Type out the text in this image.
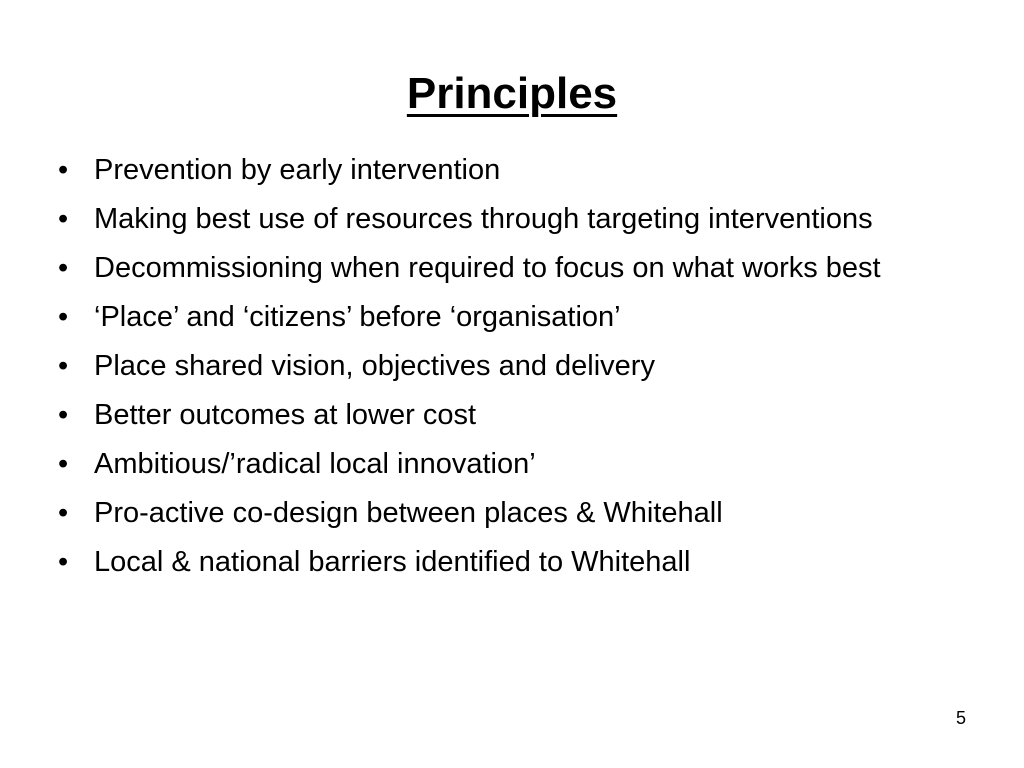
Principles
• Prevention by early intervention
• Making best use of resources through targeting interventions
• Decommissioning when required to focus on what works best
• ‘Place’ and ‘citizens’ before ‘organisation’
• Place shared vision, objectives and delivery
• Better outcomes at lower cost
• Ambitious/’radical local innovation’
• Pro-active co-design between places & Whitehall
• Local & national barriers identified to Whitehall
5
